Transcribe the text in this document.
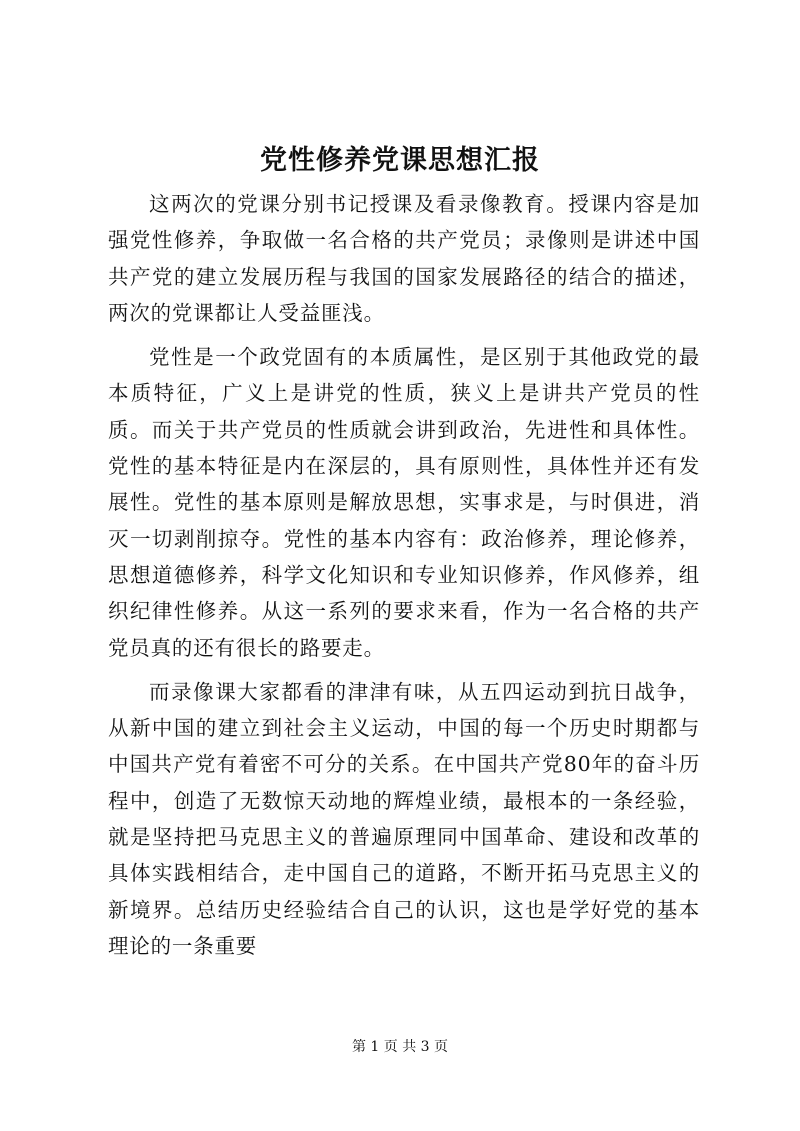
党性修养党课思想汇报

这两次的党课分别书记授课及看录像教育。授课内容是加强党性修养，争取做一名合格的共产党员；录像则是讲述中国共产党的建立发展历程与我国的国家发展路径的结合的描述，两次的党课都让人受益匪浅。

党性是一个政党固有的本质属性，是区别于其他政党的最本质特征，广义上是讲党的性质，狭义上是讲共产党员的性质。而关于共产党员的性质就会讲到政治，先进性和具体性。党性的基本特征是内在深层的，具有原则性，具体性并还有发展性。党性的基本原则是解放思想，实事求是，与时俱进，消灭一切剥削掠夺。党性的基本内容有：政治修养，理论修养，思想道德修养，科学文化知识和专业知识修养，作风修养，组织纪律性修养。从这一系列的要求来看，作为一名合格的共产党员真的还有很长的路要走。

而录像课大家都看的津津有味，从五四运动到抗日战争，从新中国的建立到社会主义运动，中国的每一个历史时期都与中国共产党有着密不可分的关系。在中国共产党80年的奋斗历程中，创造了无数惊天动地的辉煌业绩，最根本的一条经验，就是坚持把马克思主义的普遍原理同中国革命、建设和改革的具体实践相结合，走中国自己的道路，不断开拓马克思主义的新境界。总结历史经验结合自己的认识，这也是学好党的基本理论的一条重要

第 1 页 共 3 页
